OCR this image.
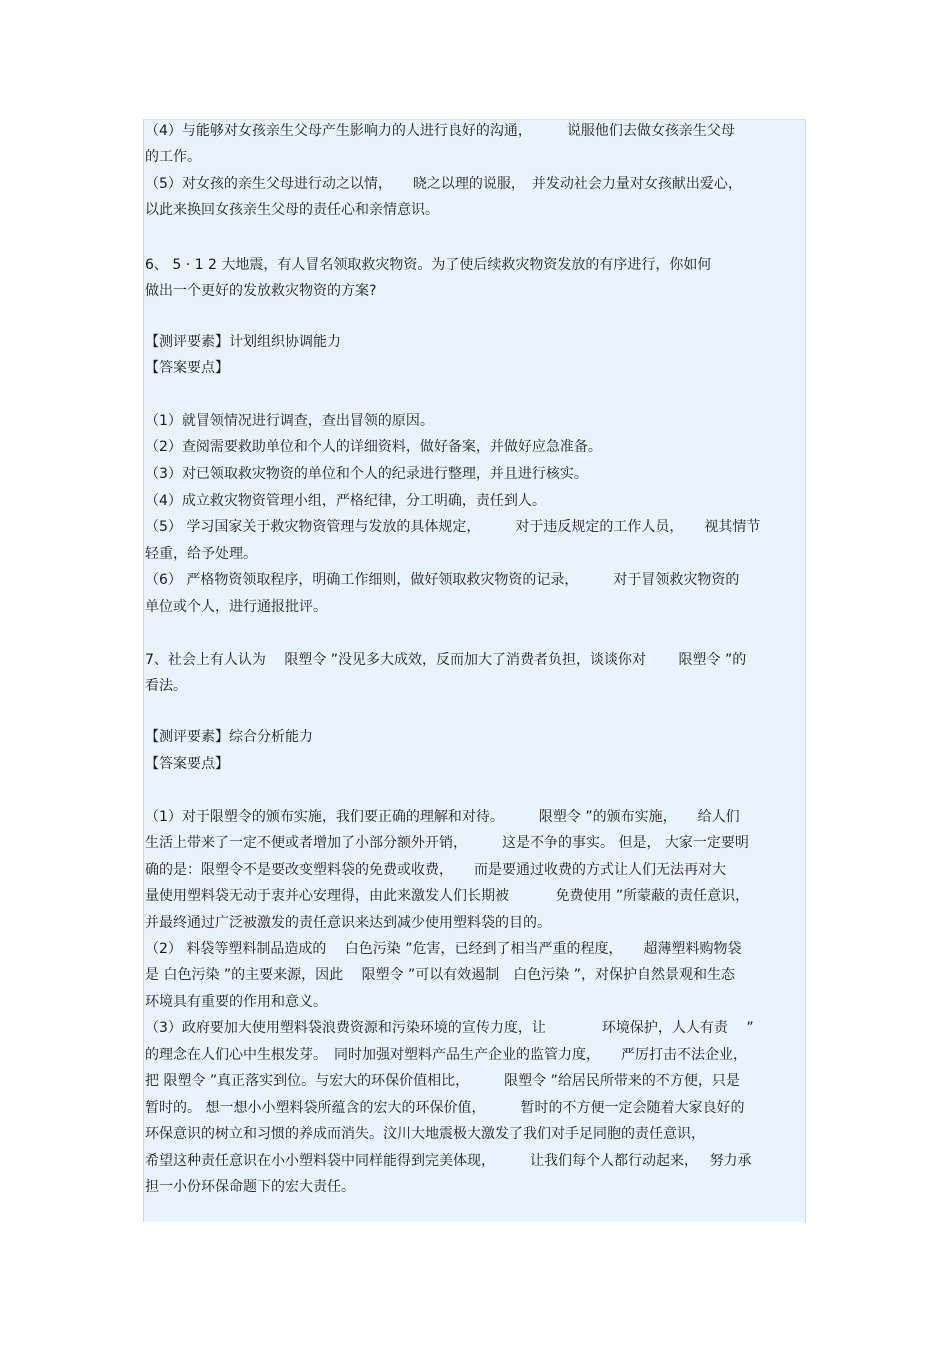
（4）与能够对女孩亲生父母产生影响力的人进行良好的沟通，　　　说服他们去做女孩亲生父母

的工作。

（5）对女孩的亲生父母进行动之以情，　　晓之以理的说服，　并发动社会力量对女孩献出爱心，

以此来换回女孩亲生父母的责任心和亲情意识。

6、 5 · 1 2 大地震，有人冒名领取救灾物资。为了使后续救灾物资发放的有序进行，你如何

做出一个更好的发放救灾物资的方案?

【测评要素】计划组织协调能力

【答案要点】

（1）就冒领情况进行调查，查出冒领的原因。

（2）查阅需要救助单位和个人的详细资料，做好备案，并做好应急准备。

（3）对已领取救灾物资的单位和个人的纪录进行整理，并且进行核实。

（4）成立救灾物资管理小组，严格纪律，分工明确，责任到人。

（5） 学习国家关于救灾物资管理与发放的具体规定，　　　对于违反规定的工作人员，　　视其情节

轻重，给予处理。

（6） 严格物资领取程序，明确工作细则，做好领取救灾物资的记录，　　　对于冒领救灾物资的

单位或个人，进行通报批评。

7、社会上有人认为　 限塑令 ”没见多大成效，反而加大了消费者负担，谈谈你对　　 限塑令 ”的

看法。

【测评要素】综合分析能力

【答案要点】

（1）对于限塑令的颁布实施，我们要正确的理解和对待。　　　限塑令 ”的颁布实施，　　给人们

生活上带来了一定不便或者增加了小部分额外开销，　　　这是不争的事实。 但是， 大家一定要明

确的是：限塑令不是要改变塑料袋的免费或收费，　　而是要通过收费的方式让人们无法再对大

量使用塑料袋无动于衷并心安理得，由此来激发人们长期被　　　 免费使用 ”所蒙蔽的责任意识，

并最终通过广泛被激发的责任意识来达到减少使用塑料袋的目的。

（2） 料袋等塑料制品造成的　 白色污染 ”危害，已经到了相当严重的程度，　　超薄塑料购物袋

是 白色污染 ”的主要来源，因此　 限塑令 ”可以有效遏制　白色污染 ”，对保护自然景观和生态

环境具有重要的作用和意义。

（3）政府要加大使用塑料袋浪费资源和污染环境的宣传力度，让　　　　环境保护，人人有责　 ”

的理念在人们心中生根发芽。　同时加强对塑料产品生产企业的监管力度，　　严厉打击不法企业，

把 限塑令 ”真正落实到位。与宏大的环保价值相比，　　　限塑令 ”给居民所带来的不方便，只是

暂时的。 想一想小小塑料袋所蕴含的宏大的环保价值，　　　暂时的不方便一定会随着大家良好的

环保意识的树立和习惯的养成而消失。汶川大地震极大激发了我们对手足同胞的责任意识，

希望这种责任意识在小小塑料袋中同样能得到完美体现，　　　让我们每个人都行动起来，　 努力承

担一小份环保命题下的宏大责任。
